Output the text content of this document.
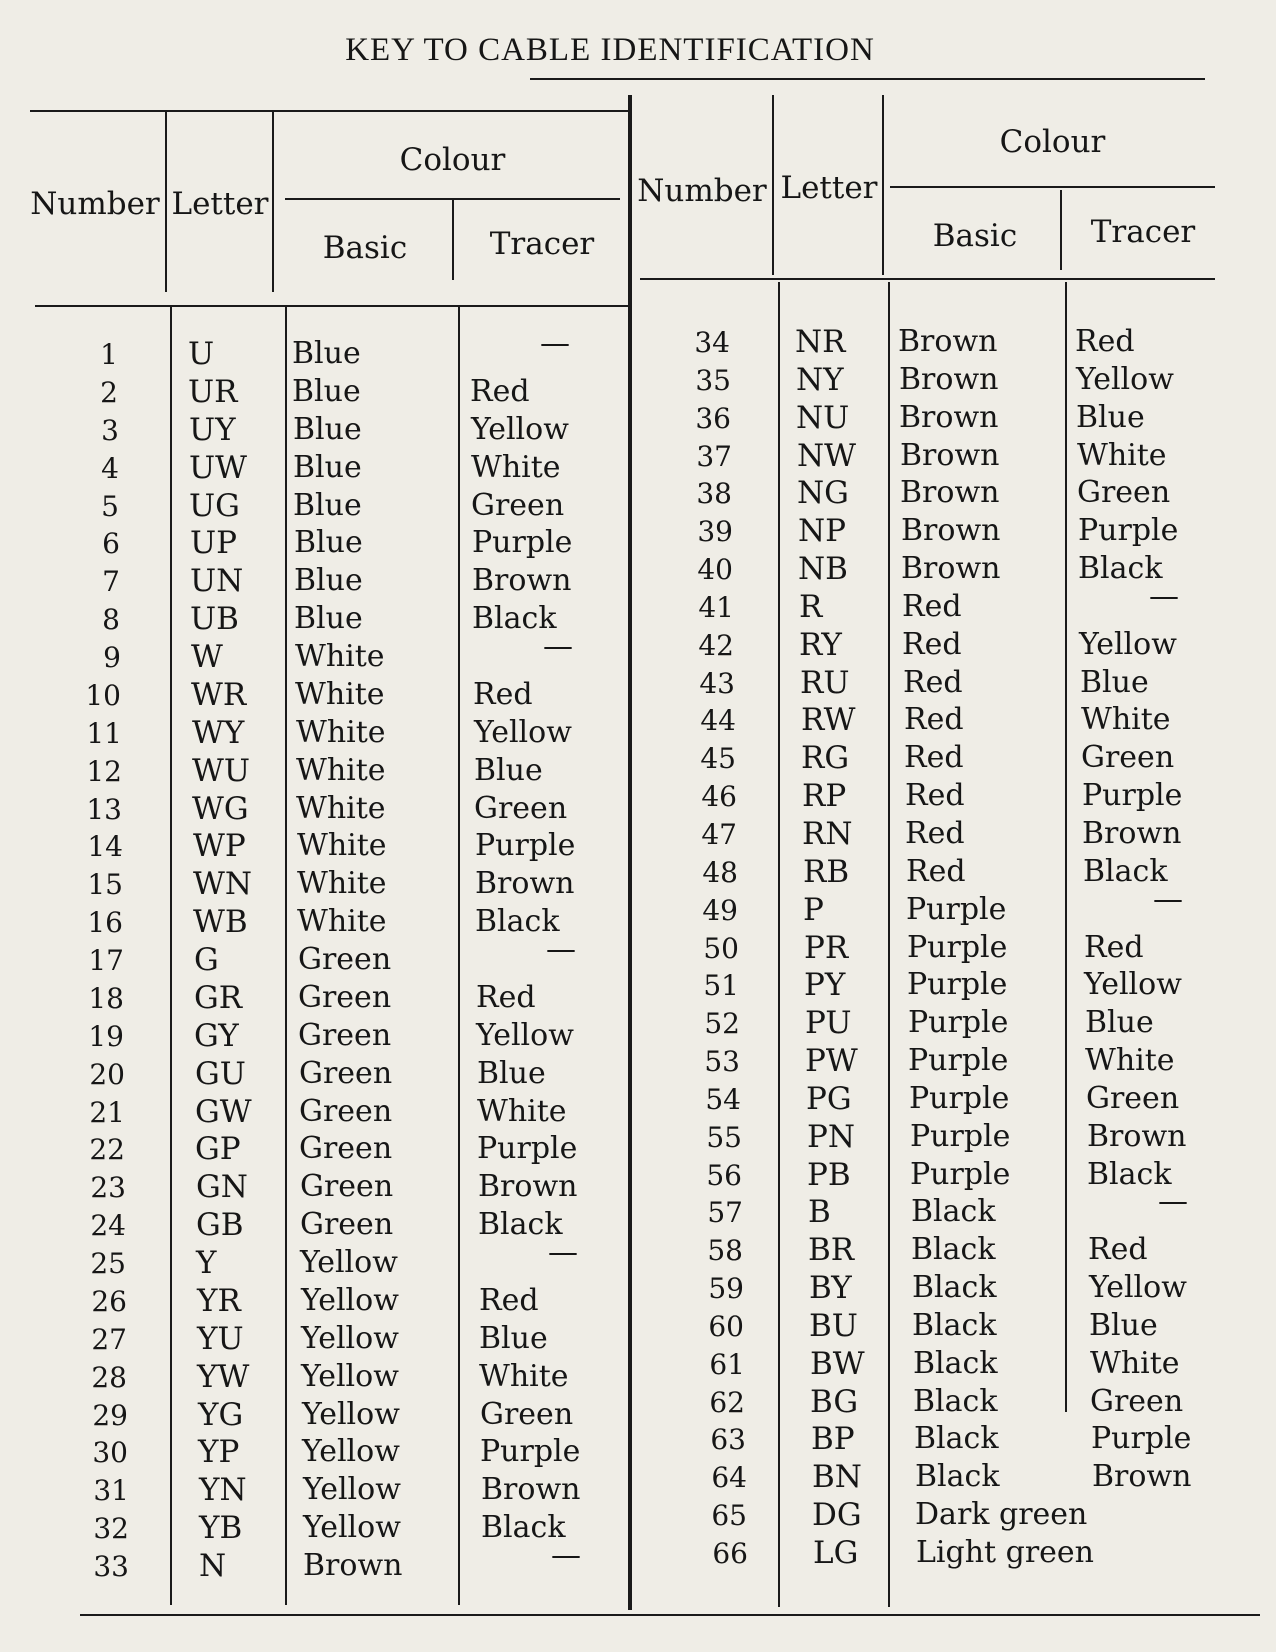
KEY TO CABLE IDENTIFICATION
Number Letter
Colour
Basic	Tracer
Number Letter
Colour
Basic	Tracer
1 U	Blue	—
2 UR Blue	Red
3 UY Blue	Yellow
4 UW Blue	White
5 UG Blue	Green
6 UP Blue	Purple
7 UN Blue	Brown
8 UB Blue	Black
9 W White	—
10 WR White	Red
11 WY White	Yellow
12 WU White	Blue
13 WG White	Green
14 WP White	Purple
15 WN White	Brown
16 WB White	Black
17 G	Green	—
18 GR Green	Red
19 GY Green	Yellow
20 GU Green	Blue
21 GW Green	White
22 GP Green	Purple
23 GN Green	Brown
24 GB Green	Black
25 Y	Yellow	—
26 YR Yellow	Red
27 YU Yellow	Blue
28 YW Yellow	White
29 YG Yellow	Green
30 YP Yellow	Purple
31 YN Yellow	Brown
32 YB Yellow	Black
33 N	Brown	—
34 NR Brown	Red
35 NY Brown	Yellow
36 NU Brown	Blue
37 NW Brown	White
38 NG Brown	Green
39 NP Brown	Purple
40 NB Brown	Black
41 R	Red	—
42 RY Red	Yellow
43 RU Red	Blue
44 RW Red	White
45 RG Red	Green
46 RP Red	Purple
47 RN Red	Brown
48 RB Red	Black
49 P	Purple	—
50 PR Purple	Red
51 PY Purple	Yellow
52 PU Purple	Blue
53 PW Purple	White
54 PG Purple	Green
55 PN Purple	Brown
56 PB Purple	Black
57 B	Black	—
58 BR Black	Red
59 BY Black	Yellow
60 BU Black	Blue
61 BW Black	White
62 BG Black	Green
63 BP Black	Purple
64 BN Black	Brown
65 DG Dark green
66 LG Light green
